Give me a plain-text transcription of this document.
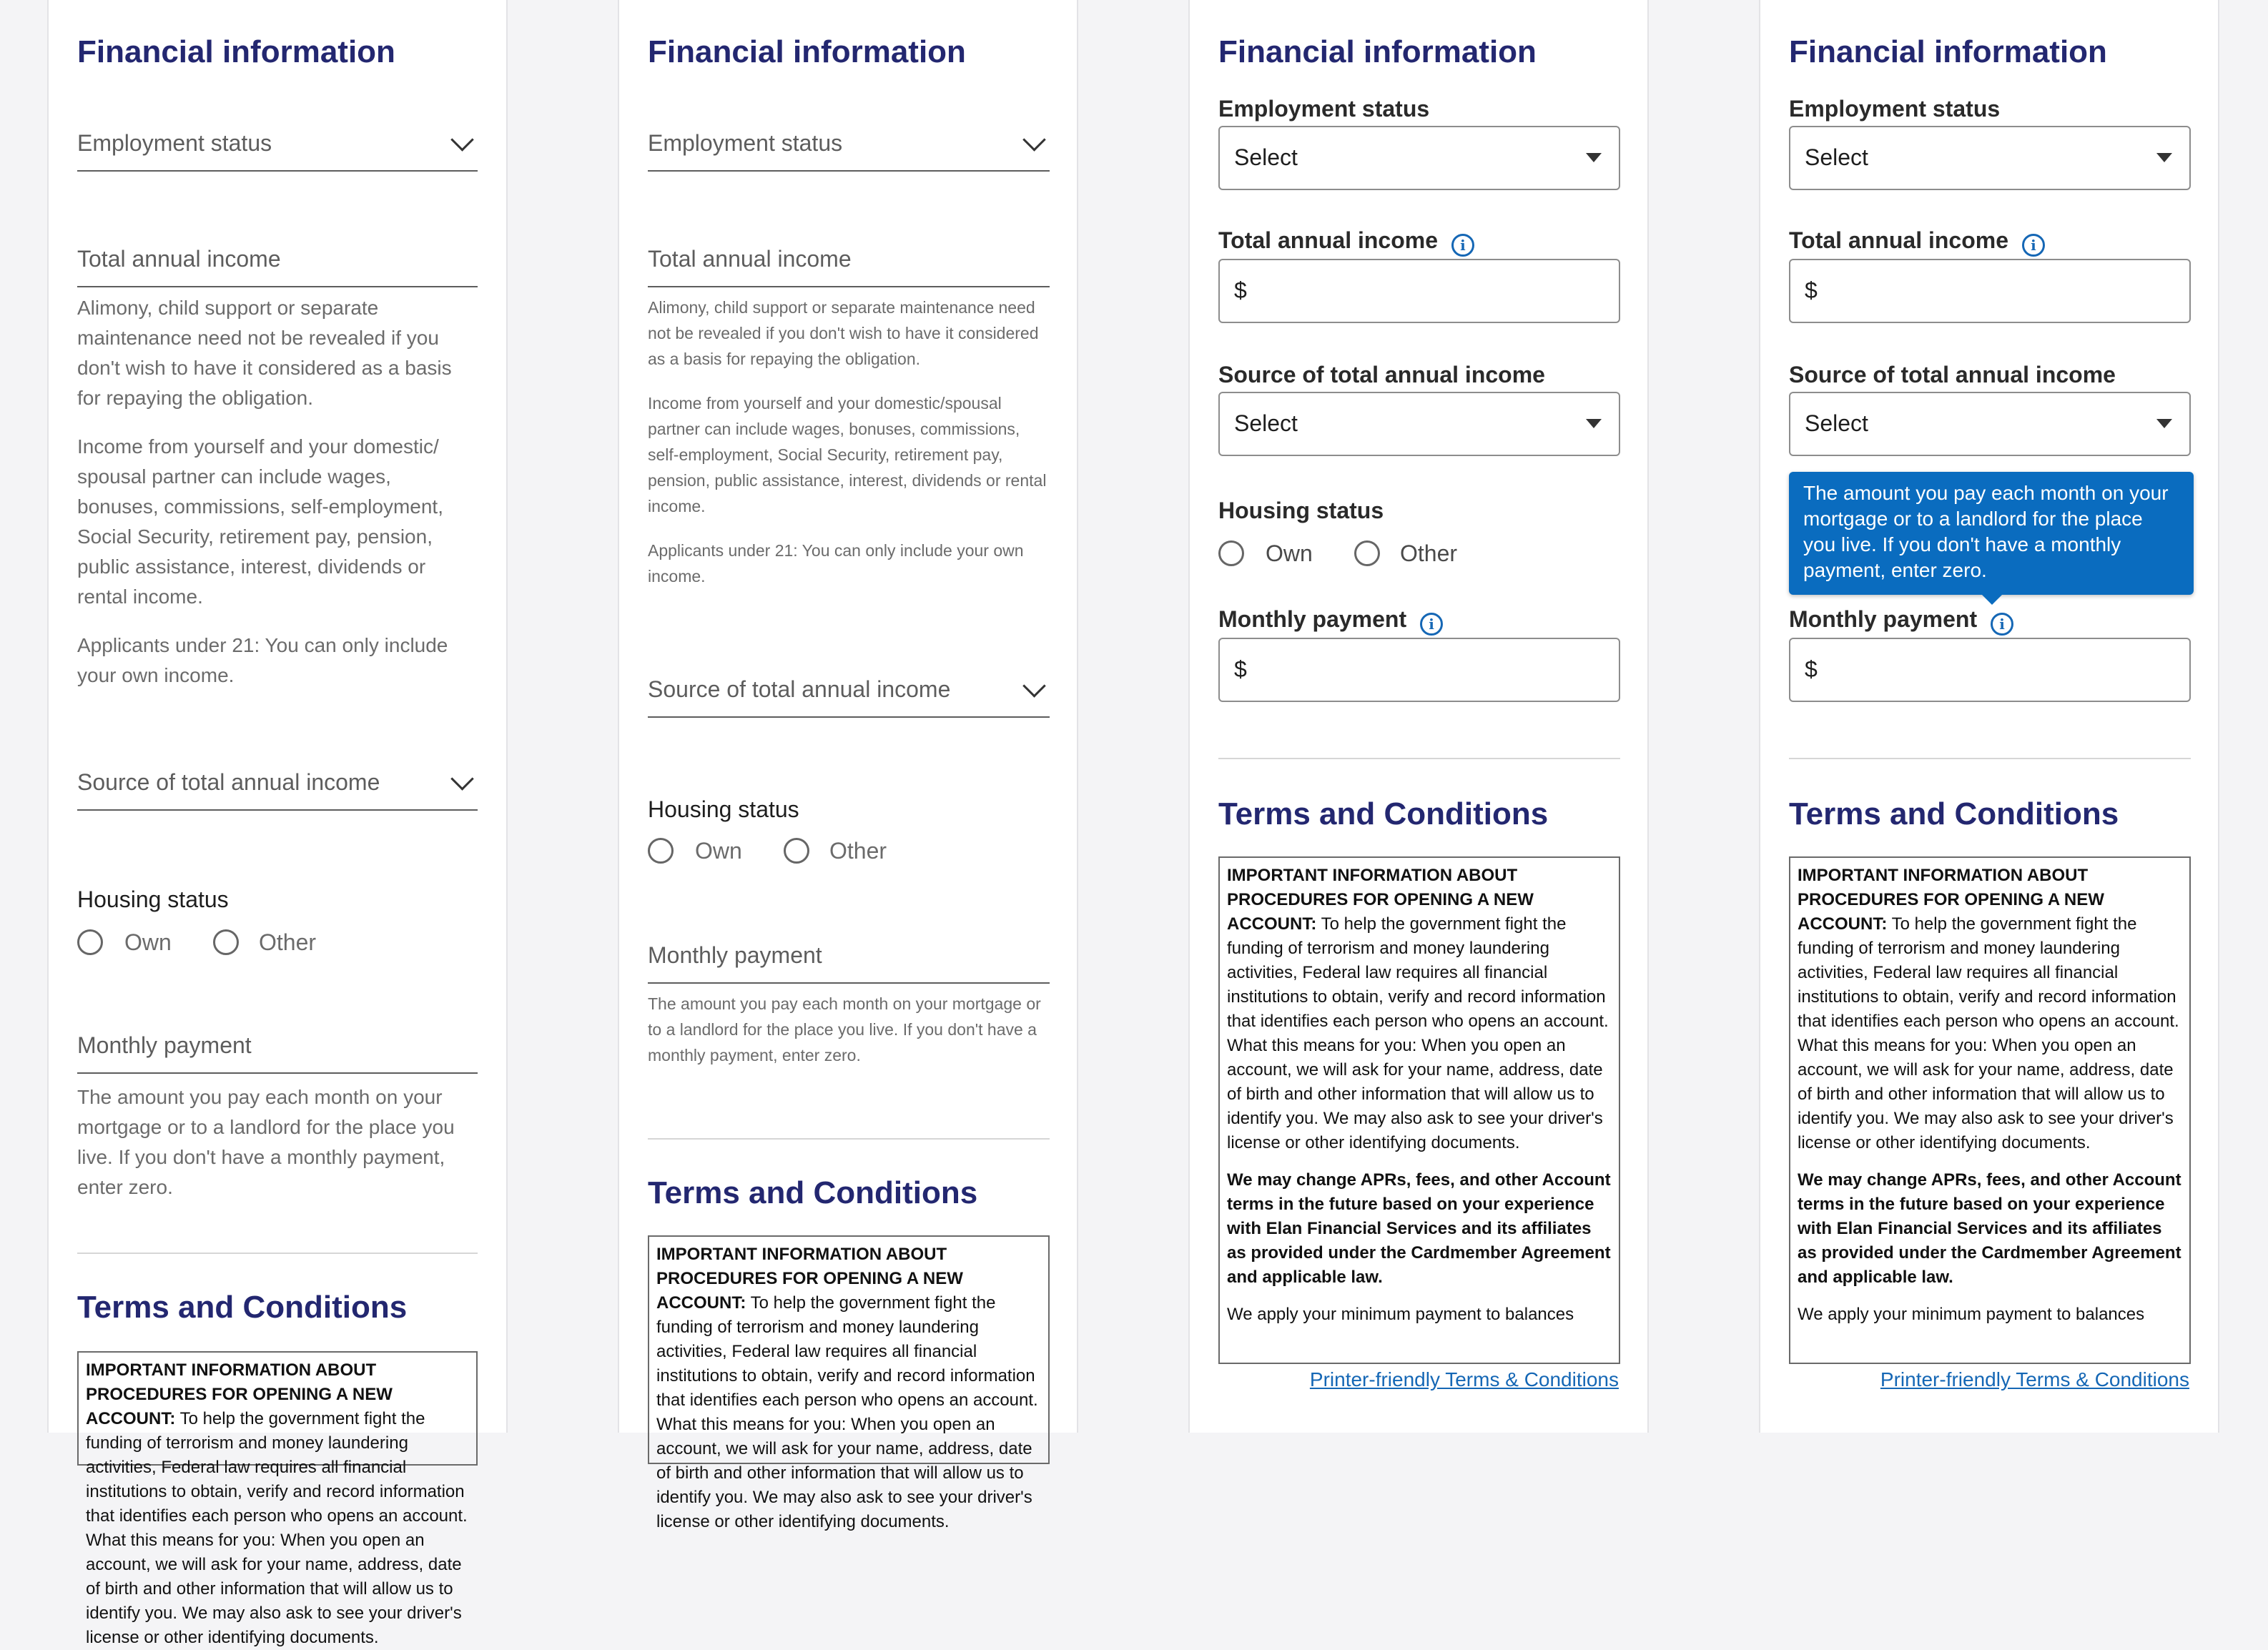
Financial information
Employment status
Total annual income

Alimony, child support or separate maintenance need not be revealed if you don't wish to have it considered as a basis for repaying the obligation.

Income from yourself and your domestic/ spousal partner can include wages, bonuses, commissions, self-employment, Social Security, retirement pay, pension, public assistance, interest, dividends or rental income.

Applicants under 21: You can only include your own income.

Source of total annual income
Housing status
Own	Other
Monthly payment
The amount you pay each month on your mortgage or to a landlord for the place you live. If you don't have a monthly payment, enter zero.
Terms and Conditions

IMPORTANT INFORMATION ABOUT PROCEDURES FOR OPENING A NEW ACCOUNT: To help the government fight the funding of terrorism and money laundering activities, Federal law requires all financial institutions to obtain, verify and record information that identifies each person who opens an account. What this means for you: When you open an account, we will ask for your name, address, date of birth and other information that will allow us to identify you. We may also ask to see your driver's license or other identifying documents.

Financial information
Employment status
Total annual income

Alimony, child support or separate maintenance need not be revealed if you don't wish to have it considered as a basis for repaying the obligation.

Income from yourself and your domestic/spousal partner can include wages, bonuses, commissions, self-employment, Social Security, retirement pay, pension, public assistance, interest, dividends or rental income.

Applicants under 21: You can only include your own income.

Source of total annual income
Housing status
Own	Other
Monthly payment
The amount you pay each month on your mortgage or to a landlord for the place you live. If you don't have a monthly payment, enter zero.
Terms and Conditions

IMPORTANT INFORMATION ABOUT PROCEDURES FOR OPENING A NEW ACCOUNT: To help the government fight the funding of terrorism and money laundering activities, Federal law requires all financial institutions to obtain, verify and record information that identifies each person who opens an account. What this means for you: When you open an account, we will ask for your name, address, date of birth and other information that will allow us to identify you. We may also ask to see your driver's license or other identifying documents.

Financial information
Employment status
Select
Total annual income i
$
Source of total annual income
Select
Housing status
Own	Other
Monthly payment i
$
Terms and Conditions

IMPORTANT INFORMATION ABOUT PROCEDURES FOR OPENING A NEW ACCOUNT: To help the government fight the funding of terrorism and money laundering activities, Federal law requires all financial institutions to obtain, verify and record information that identifies each person who opens an account. What this means for you: When you open an account, we will ask for your name, address, date of birth and other information that will allow us to identify you. We may also ask to see your driver's license or other identifying documents.

We may change APRs, fees, and other Account terms in the future based on your experience with Elan Financial Services and its affiliates as provided under the Cardmember Agreement and applicable law.

We apply your minimum payment to balances

Printer-friendly Terms & Conditions
Financial information
Employment status
Select
Total annual income i
$
Source of total annual income
Select
The amount you pay each month on your mortgage or to a landlord for the place you live. If you don't have a monthly payment, enter zero.
Monthly payment i
$
Terms and Conditions

IMPORTANT INFORMATION ABOUT PROCEDURES FOR OPENING A NEW ACCOUNT: To help the government fight the funding of terrorism and money laundering activities, Federal law requires all financial institutions to obtain, verify and record information that identifies each person who opens an account. What this means for you: When you open an account, we will ask for your name, address, date of birth and other information that will allow us to identify you. We may also ask to see your driver's license or other identifying documents.

We may change APRs, fees, and other Account terms in the future based on your experience with Elan Financial Services and its affiliates as provided under the Cardmember Agreement and applicable law.

We apply your minimum payment to balances

Printer-friendly Terms & Conditions
